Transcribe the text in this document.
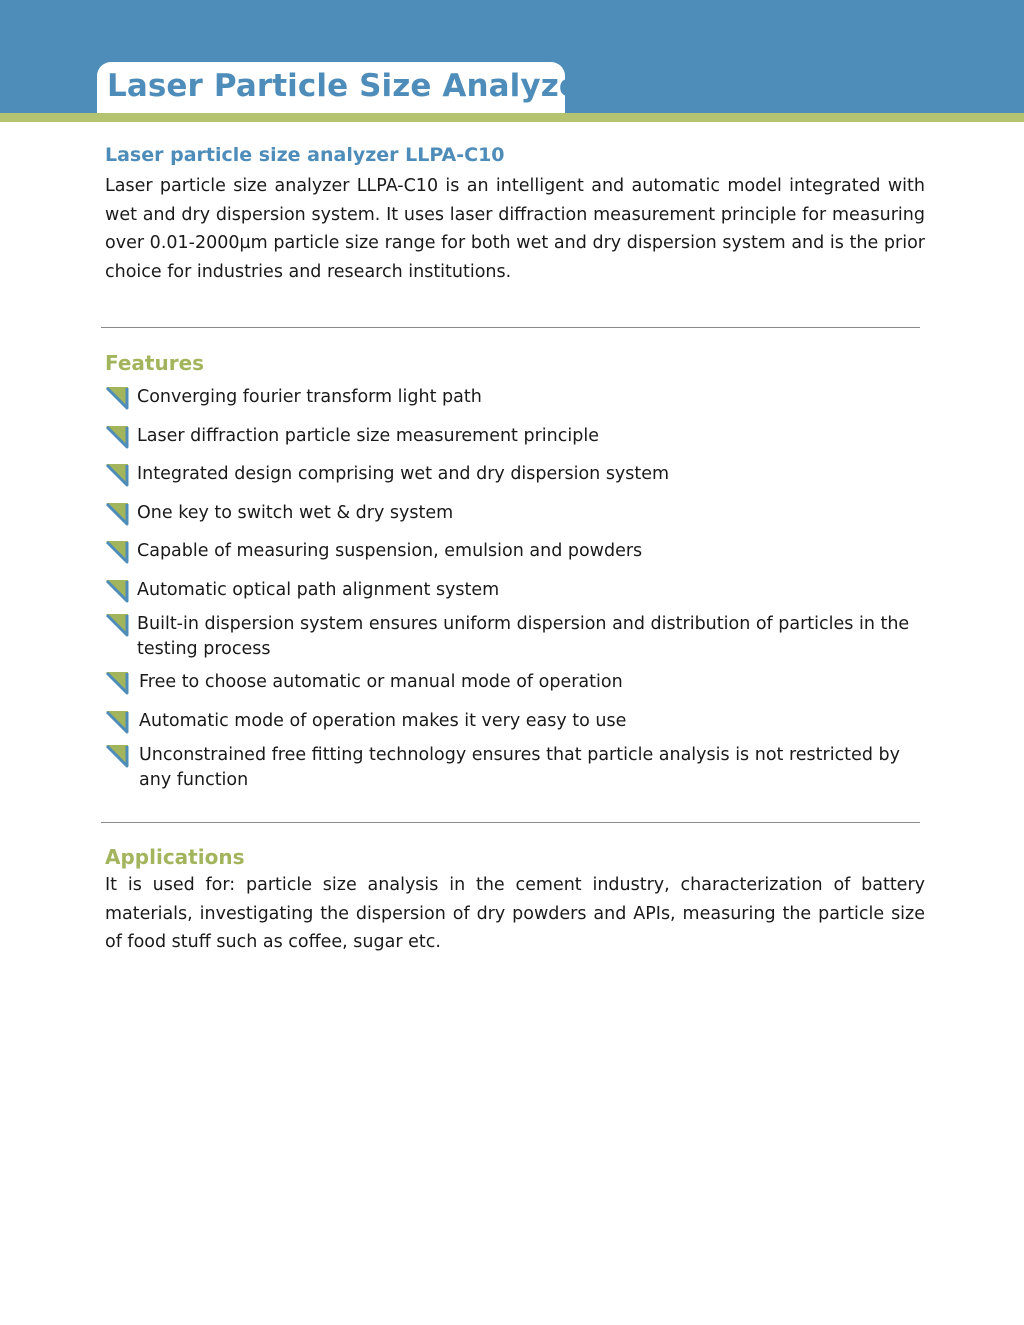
Laser Particle Size Analyzer
Laser particle size analyzer LLPA-C10

Laser particle size analyzer LLPA-C10 is an intelligent and automatic model integrated with wet and dry dispersion system. It uses laser diffraction measurement principle for measuring over 0.01-2000µm particle size range for both wet and dry dispersion system and is the prior choice for industries and research institutions.

Features
Converging fourier transform light path
Laser diffraction particle size measurement principle
Integrated design comprising wet and dry dispersion system
One key to switch wet & dry system
Capable of measuring suspension, emulsion and powders
Automatic optical path alignment system
Built-in dispersion system ensures uniform dispersion and distribution of particles in the testing process
Free to choose automatic or manual mode of operation
Automatic mode of operation makes it very easy to use
Unconstrained free fitting technology ensures that particle analysis is not restricted by any function
Applications

It is used for: particle size analysis in the cement industry, characterization of battery materials, investigating the dispersion of dry powders and APIs, measuring the particle size of food stuff such as coffee, sugar etc.
